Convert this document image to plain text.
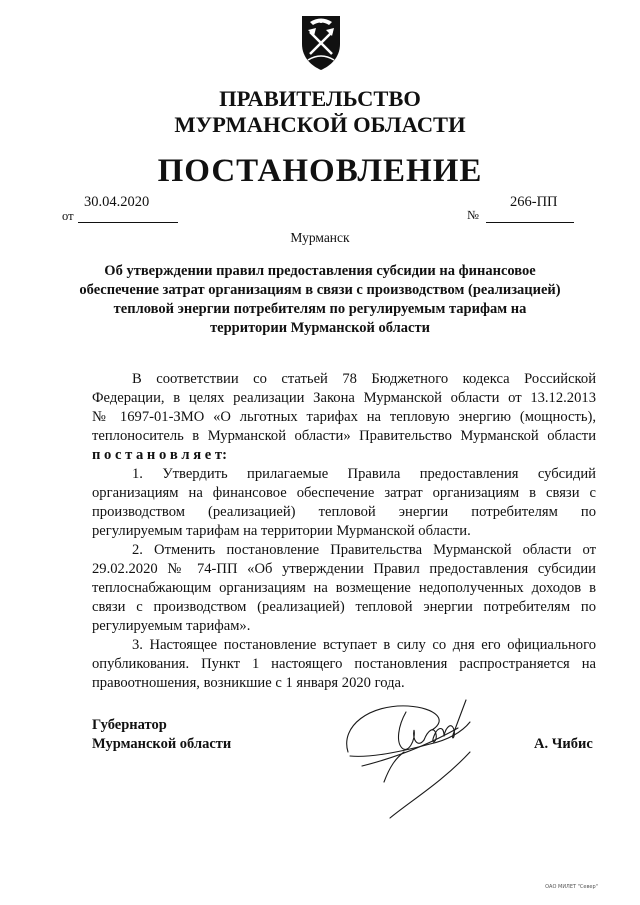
ПРАВИТЕЛЬСТВО
МУРМАНСКОЙ ОБЛАСТИ
ПОСТАНОВЛЕНИЕ
30.04.2020
от
266-ПП
№
Мурманск
Об утверждении правил предоставления субсидии на финансовое
обеспечение затрат организациям в связи с производством (реализацией)
тепловой энергии потребителям по регулируемым тарифам на
территории Мурманской области
В соответствии со статьей 78 Бюджетного кодекса Российской
Федерации, в целях реализации Закона Мурманской области от 13.12.2013
№ 1697-01-ЗМО «О льготных тарифах на тепловую энергию (мощность),
теплоноситель в Мурманской области» Правительство Мурманской области
п о с т а н о в л я е т:
1. Утвердить прилагаемые Правила предоставления субсидий
организациям на финансовое обеспечение затрат организациям в связи с
производством (реализацией) тепловой энергии потребителям по
регулируемым тарифам на территории Мурманской области.
2. Отменить постановление Правительства Мурманской области от
29.02.2020 № 74-ПП «Об утверждении Правил предоставления субсидии
теплоснабжающим организациям на возмещение недополученных доходов в
связи с производством (реализацией) тепловой энергии потребителям по
регулируемым тарифам».
3. Настоящее постановление вступает в силу со дня его официального
опубликования. Пункт 1 настоящего постановления распространяется на
правоотношения, возникшие с 1 января 2020 года.
Губернатор
Мурманской области	А. Чибис
ОАО МИЛЕТ "Север"
